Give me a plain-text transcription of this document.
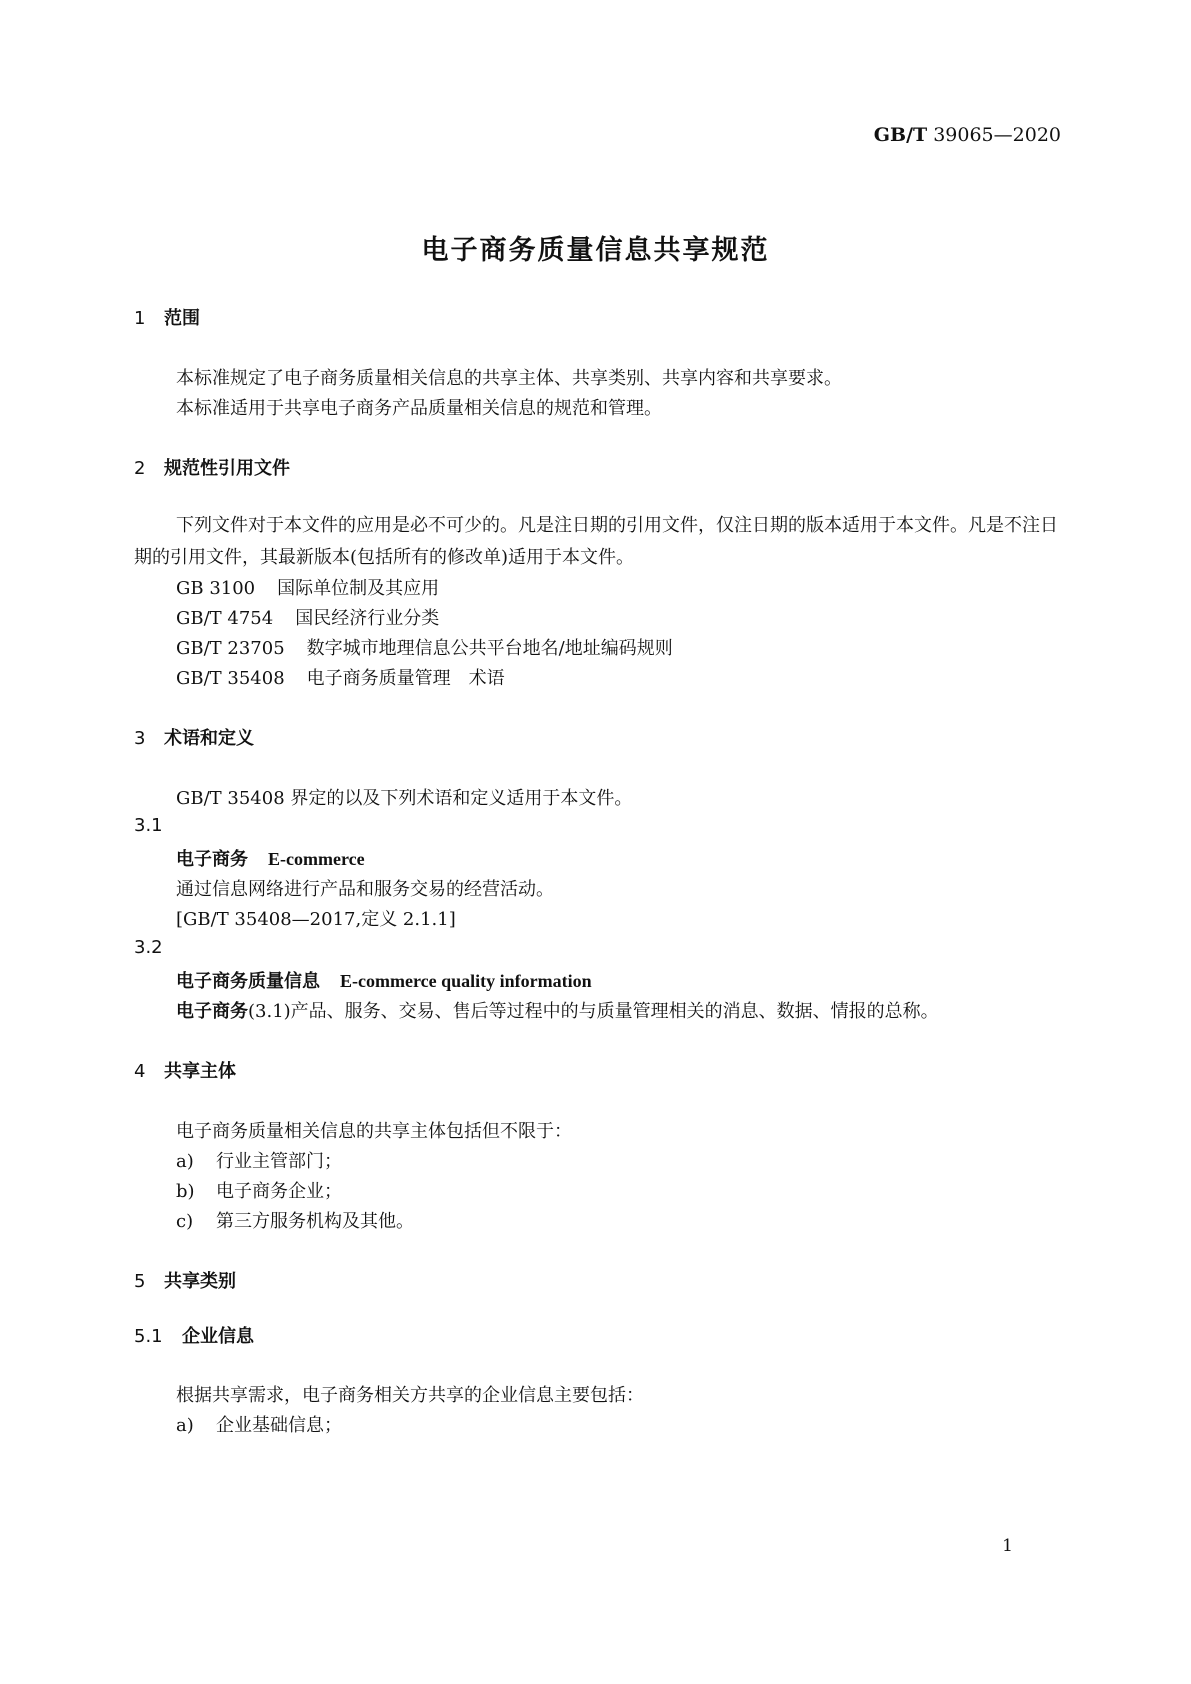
GB/T 39065—2020
电子商务质量信息共享规范
1 范围
本标准规定了电子商务质量相关信息的共享主体、共享类别、共享内容和共享要求。
本标准适用于共享电子商务产品质量相关信息的规范和管理。
2 规范性引用文件
下列文件对于本文件的应用是必不可少的。凡是注日期的引用文件，仅注日期的版本适用于本文件。凡是不注日期的引用文件，其最新版本(包括所有的修改单)适用于本文件。
GB 3100 国际单位制及其应用
GB/T 4754 国民经济行业分类
GB/T 23705 数字城市地理信息公共平台地名/地址编码规则
GB/T 35408 电子商务质量管理　术语
3 术语和定义
GB/T 35408 界定的以及下列术语和定义适用于本文件。
3.1
电子商务 E-commerce
通过信息网络进行产品和服务交易的经营活动。
[GB/T 35408—2017,定义 2.1.1]
3.2
电子商务质量信息 E-commerce quality information
电子商务(3.1)产品、服务、交易、售后等过程中的与质量管理相关的消息、数据、情报的总称。
4 共享主体
电子商务质量相关信息的共享主体包括但不限于：
a) 行业主管部门；
b) 电子商务企业；
c) 第三方服务机构及其他。
5 共享类别
5.1 企业信息
根据共享需求，电子商务相关方共享的企业信息主要包括：
a) 企业基础信息；
1
